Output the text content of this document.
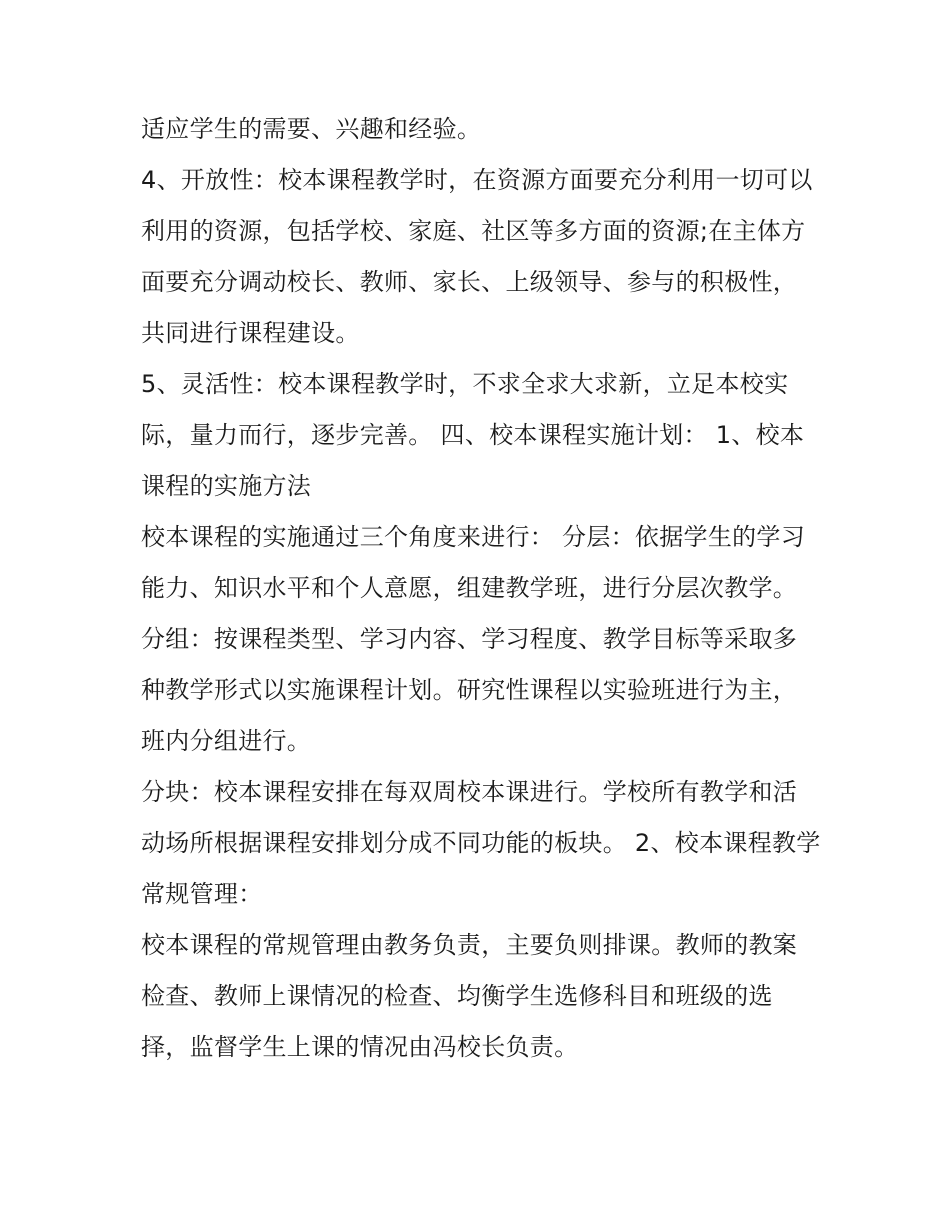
适应学生的需要、兴趣和经验。

4、开放性：校本课程教学时，在资源方面要充分利用一切可以利用的资源，包括学校、家庭、社区等多方面的资源;在主体方面要充分调动校长、教师、家长、上级领导、参与的积极性，共同进行课程建设。

5、灵活性：校本课程教学时，不求全求大求新，立足本校实际，量力而行，逐步完善。 四、校本课程实施计划： 1、校本课程的实施方法

校本课程的实施通过三个角度来进行： 分层：依据学生的学习能力、知识水平和个人意愿，组建教学班，进行分层次教学。

分组：按课程类型、学习内容、学习程度、教学目标等采取多种教学形式以实施课程计划。研究性课程以实验班进行为主，班内分组进行。

分块：校本课程安排在每双周校本课进行。学校所有教学和活动场所根据课程安排划分成不同功能的板块。 2、校本课程教学常规管理：

校本课程的常规管理由教务负责，主要负则排课。教师的教案检查、教师上课情况的检查、均衡学生选修科目和班级的选择，监督学生上课的情况由冯校长负责。
